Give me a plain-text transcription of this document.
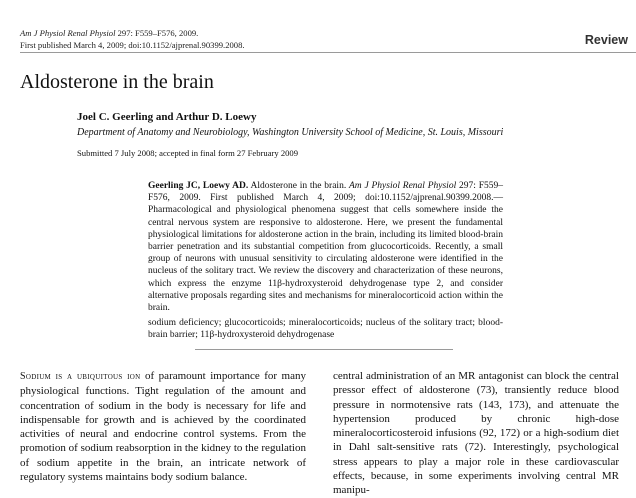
Am J Physiol Renal Physiol 297: F559–F576, 2009.
First published March 4, 2009; doi:10.1152/ajprenal.90399.2008.	Review
Aldosterone in the brain
Joel C. Geerling and Arthur D. Loewy
Department of Anatomy and Neurobiology, Washington University School of Medicine, St. Louis, Missouri
Submitted 7 July 2008; accepted in final form 27 February 2009

Geerling JC, Loewy AD. Aldosterone in the brain. Am J Physiol Renal Physiol 297: F559–F576, 2009. First published March 4, 2009; doi:10.1152/ajprenal.90399.2008.—Pharmacological and physiological phenomena suggest that cells somewhere inside the central nervous system are responsive to aldosterone. Here, we present the fundamental physiological limitations for aldosterone action in the brain, including its limited blood-brain barrier penetration and its substantial competition from glucocorticoids. Recently, a small group of neurons with unusual sensitivity to circulating aldosterone were identified in the nucleus of the solitary tract. We review the discovery and characterization of these neurons, which express the enzyme 11β-hydroxysteroid dehydrogenase type 2, and consider alternative proposals regarding sites and mechanisms for mineralocorticoid action within the brain.

sodium deficiency; glucocorticoids; mineralocorticoids; nucleus of the solitary tract; blood-brain barrier; 11β-hydroxysteroid dehydrogenase

Sodium is a ubiquitous ion of paramount importance for many physiological functions. Tight regulation of the amount and concentration of sodium in the body is necessary for life and indispensable for growth and is achieved by the coordinated activities of neural and endocrine control systems. From the promotion of sodium reabsorption in the kidney to the regulation of sodium appetite in the brain, an intricate network of regulatory systems maintains body sodium balance.

central administration of an MR antagonist can block the central pressor effect of aldosterone (73), transiently reduce blood pressure in normotensive rats (143, 173), and attenuate the hypertension produced by chronic high-dose mineralocorticosteroid infusions (92, 172) or a high-sodium diet in Dahl salt-sensitive rats (72). Interestingly, psychological stress appears to play a major role in these cardiovascular effects, because, in some experiments involving central MR manipu-
